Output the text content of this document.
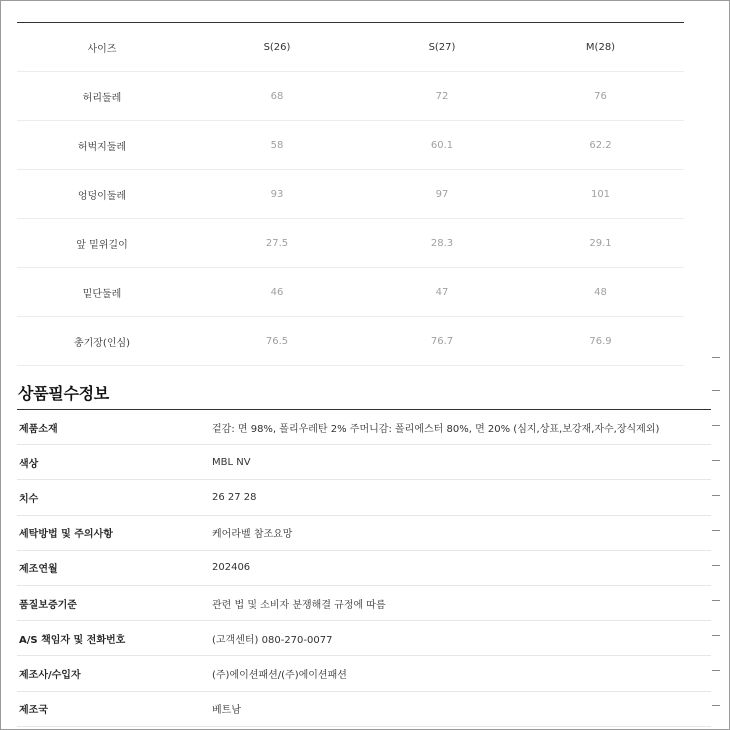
사이즈	S(26)	S(27)	M(28)
허리둘레	68	72	76
허벅지둘레	58	60.1	62.2
엉덩이둘레	93	97	101
앞 밑위길이	27.5	28.3	29.1
밑단둘레	46	47	48
총기장(인심)	76.5	76.7	76.9
상품필수정보
제품소재	겉감: 면 98%, 폴리우레탄 2% 주머니감: 폴리에스터 80%, 면 20% (심지,상표,보강재,자수,장식제외)
색상	MBL NV
치수	26 27 28
세탁방법 및 주의사항	케어라벨 참조요망
제조연월	202406
품질보증기준	관련 법 및 소비자 분쟁해결 규정에 따름
A/S 책임자 및 전화번호	(고객센터) 080-270-0077
제조사/수입자	(주)에이션패션/(주)에이션패션
제조국	베트남
